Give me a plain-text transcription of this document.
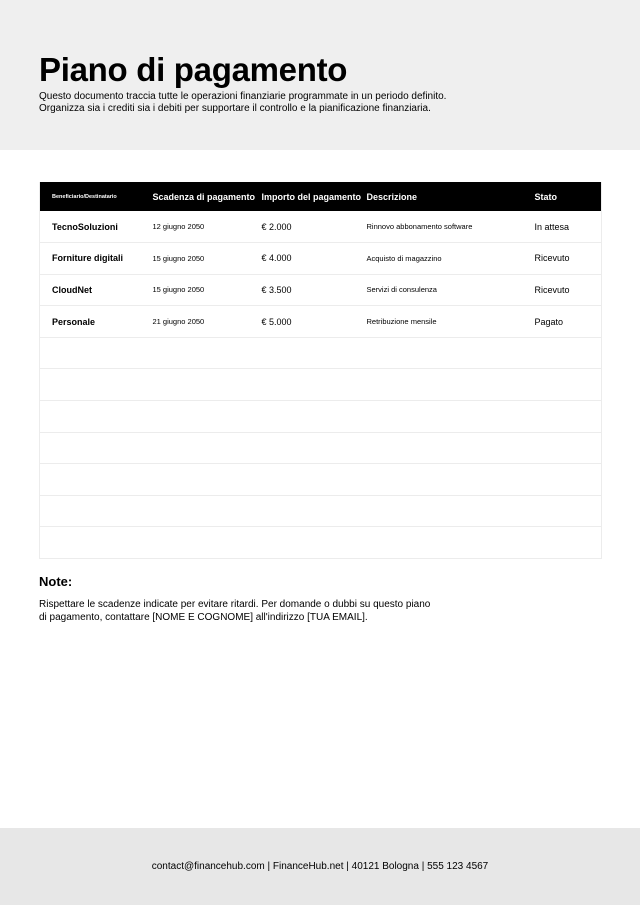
Piano di pagamento

Questo documento traccia tutte le operazioni finanziarie programmate in un periodo definito. Organizza sia i crediti sia i debiti per supportare il controllo e la pianificazione finanziaria.

Beneficiario/Destinatario	Scadenza di pagamento	Importo del pagamento	Descrizione	Stato
TecnoSoluzioni	12 giugno 2050	€ 2.000	Rinnovo abbonamento software	In attesa
Forniture digitali	15 giugno 2050	€ 4.000	Acquisto di magazzino	Ricevuto
CloudNet	15 giugno 2050	€ 3.500	Servizi di consulenza	Ricevuto
Personale	21 giugno 2050	€ 5.000	Retribuzione mensile	Pagato

Note:

Rispettare le scadenze indicate per evitare ritardi. Per domande o dubbi su questo piano di pagamento, contattare [NOME E COGNOME] all'indirizzo [TUA EMAIL].

contact@financehub.com | FinanceHub.net | 40121 Bologna | 555 123 4567
